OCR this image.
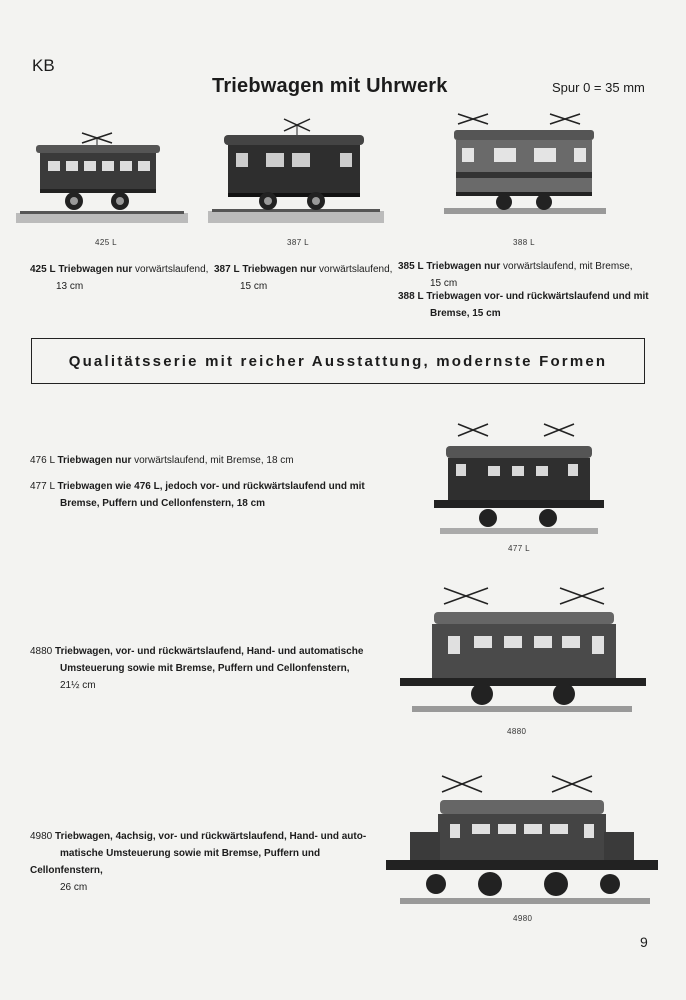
KB
Triebwagen mit Uhrwerk	Spur 0 = 35 mm
425 L	387 L	388 L
425 L Triebwagen nur vorwärtslaufend,
13 cm
387 L Triebwagen nur vorwärtslaufend,
15 cm
385 L Triebwagen nur vorwärtslaufend, mit Bremse,
15 cm
388 L Triebwagen vor- und rückwärtslaufend und mit
Bremse, 15 cm
Qualitätsserie mit reicher Ausstattung, modernste Formen
476 L Triebwagen nur vorwärtslaufend, mit Bremse, 18 cm
477 L Triebwagen wie 476 L, jedoch vor- und rückwärtslaufend und mit
Bremse, Puffern und Cellonfenstern, 18 cm
477 L
4880 Triebwagen, vor- und rückwärtslaufend, Hand- und automatische
Umsteuerung sowie mit Bremse, Puffern und Cellonfenstern,
21½ cm
4880
4980 Triebwagen, 4achsig, vor- und rückwärtslaufend, Hand- und auto-
matische Umsteuerung sowie mit Bremse, Puffern und Cellonfenstern,
26 cm
4980
9
